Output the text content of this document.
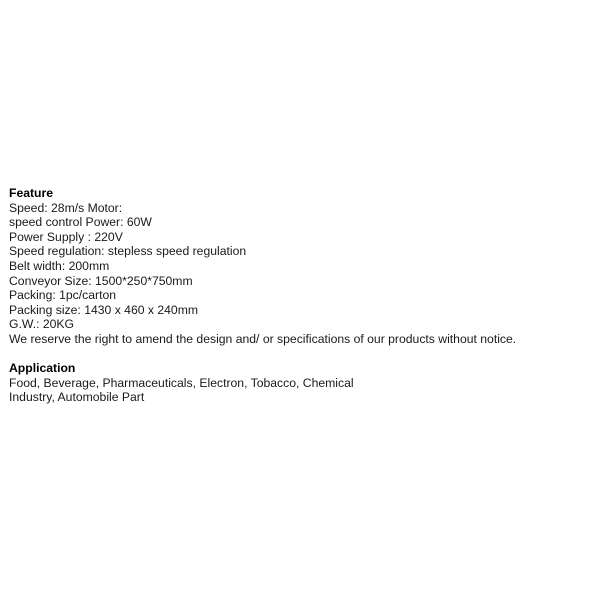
Feature
Speed: 28m/s Motor:
speed control Power: 60W
Power Supply : 220V
Speed regulation: stepless speed regulation
Belt width: 200mm
Conveyor Size: 1500*250*750mm
Packing: 1pc/carton
Packing size: 1430 x 460 x 240mm
G.W.: 20KG
We reserve the right to amend the design and/ or specifications of our products without notice.
Application
Food, Beverage, Pharmaceuticals, Electron, Tobacco, Chemical
Industry, Automobile Part
